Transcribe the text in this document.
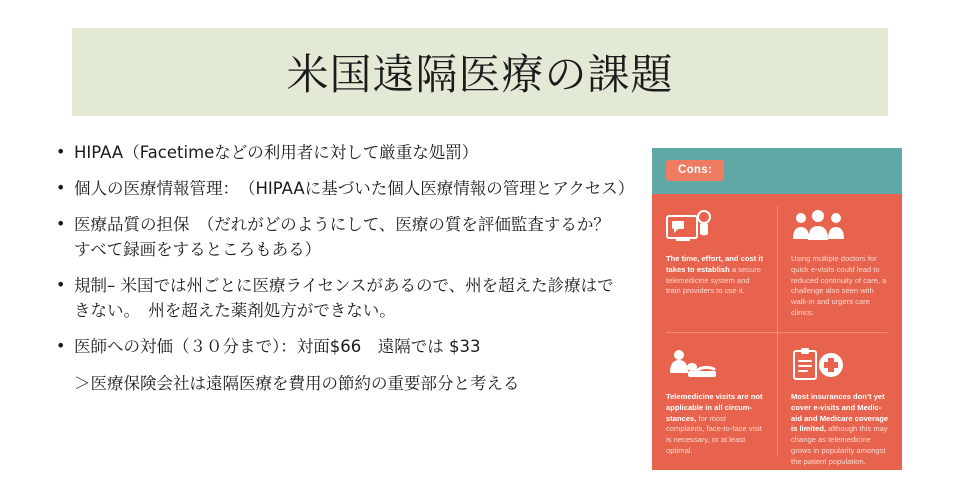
米国遠隔医療の課題
• HIPAA（Facetimeなどの利用者に対して厳重な処罰）
• 個人の医療情報管理：　（HIPAAに基づいた個人医療情報の管理とアクセス）
• 医療品質の担保　（だれがどのようにして、医療の質を評価監査するか？　すべて録画をするところもある）
• 規制– 米国では州ごとに医療ライセンスがあるので、州を超えた診療はできない。　州を超えた薬剤処方ができない。
• 医師への対価（３０分まで）：対面$66　遠隔では $33
＞医療保険会社は遠隔医療を費用の節約の重要部分と考える
Cons:

The time, effort, and cost it takes to establish a secure telemedicine system and train providers to use it.

Using multiple doctors for quick e-visits could lead to reduced continuity of care, a challenge also seen with walk-in and urgent care clinics.

Telemedicine visits are not applicable in all circum-stances, for most complaints, face-to-face visit is necessary, or at least optimal.

Most insurances don’t yet cover e-visits and Medic-aid and Medicare coverage is limited, although this may change as telemedicine grows in popularity amongst the patient population.
